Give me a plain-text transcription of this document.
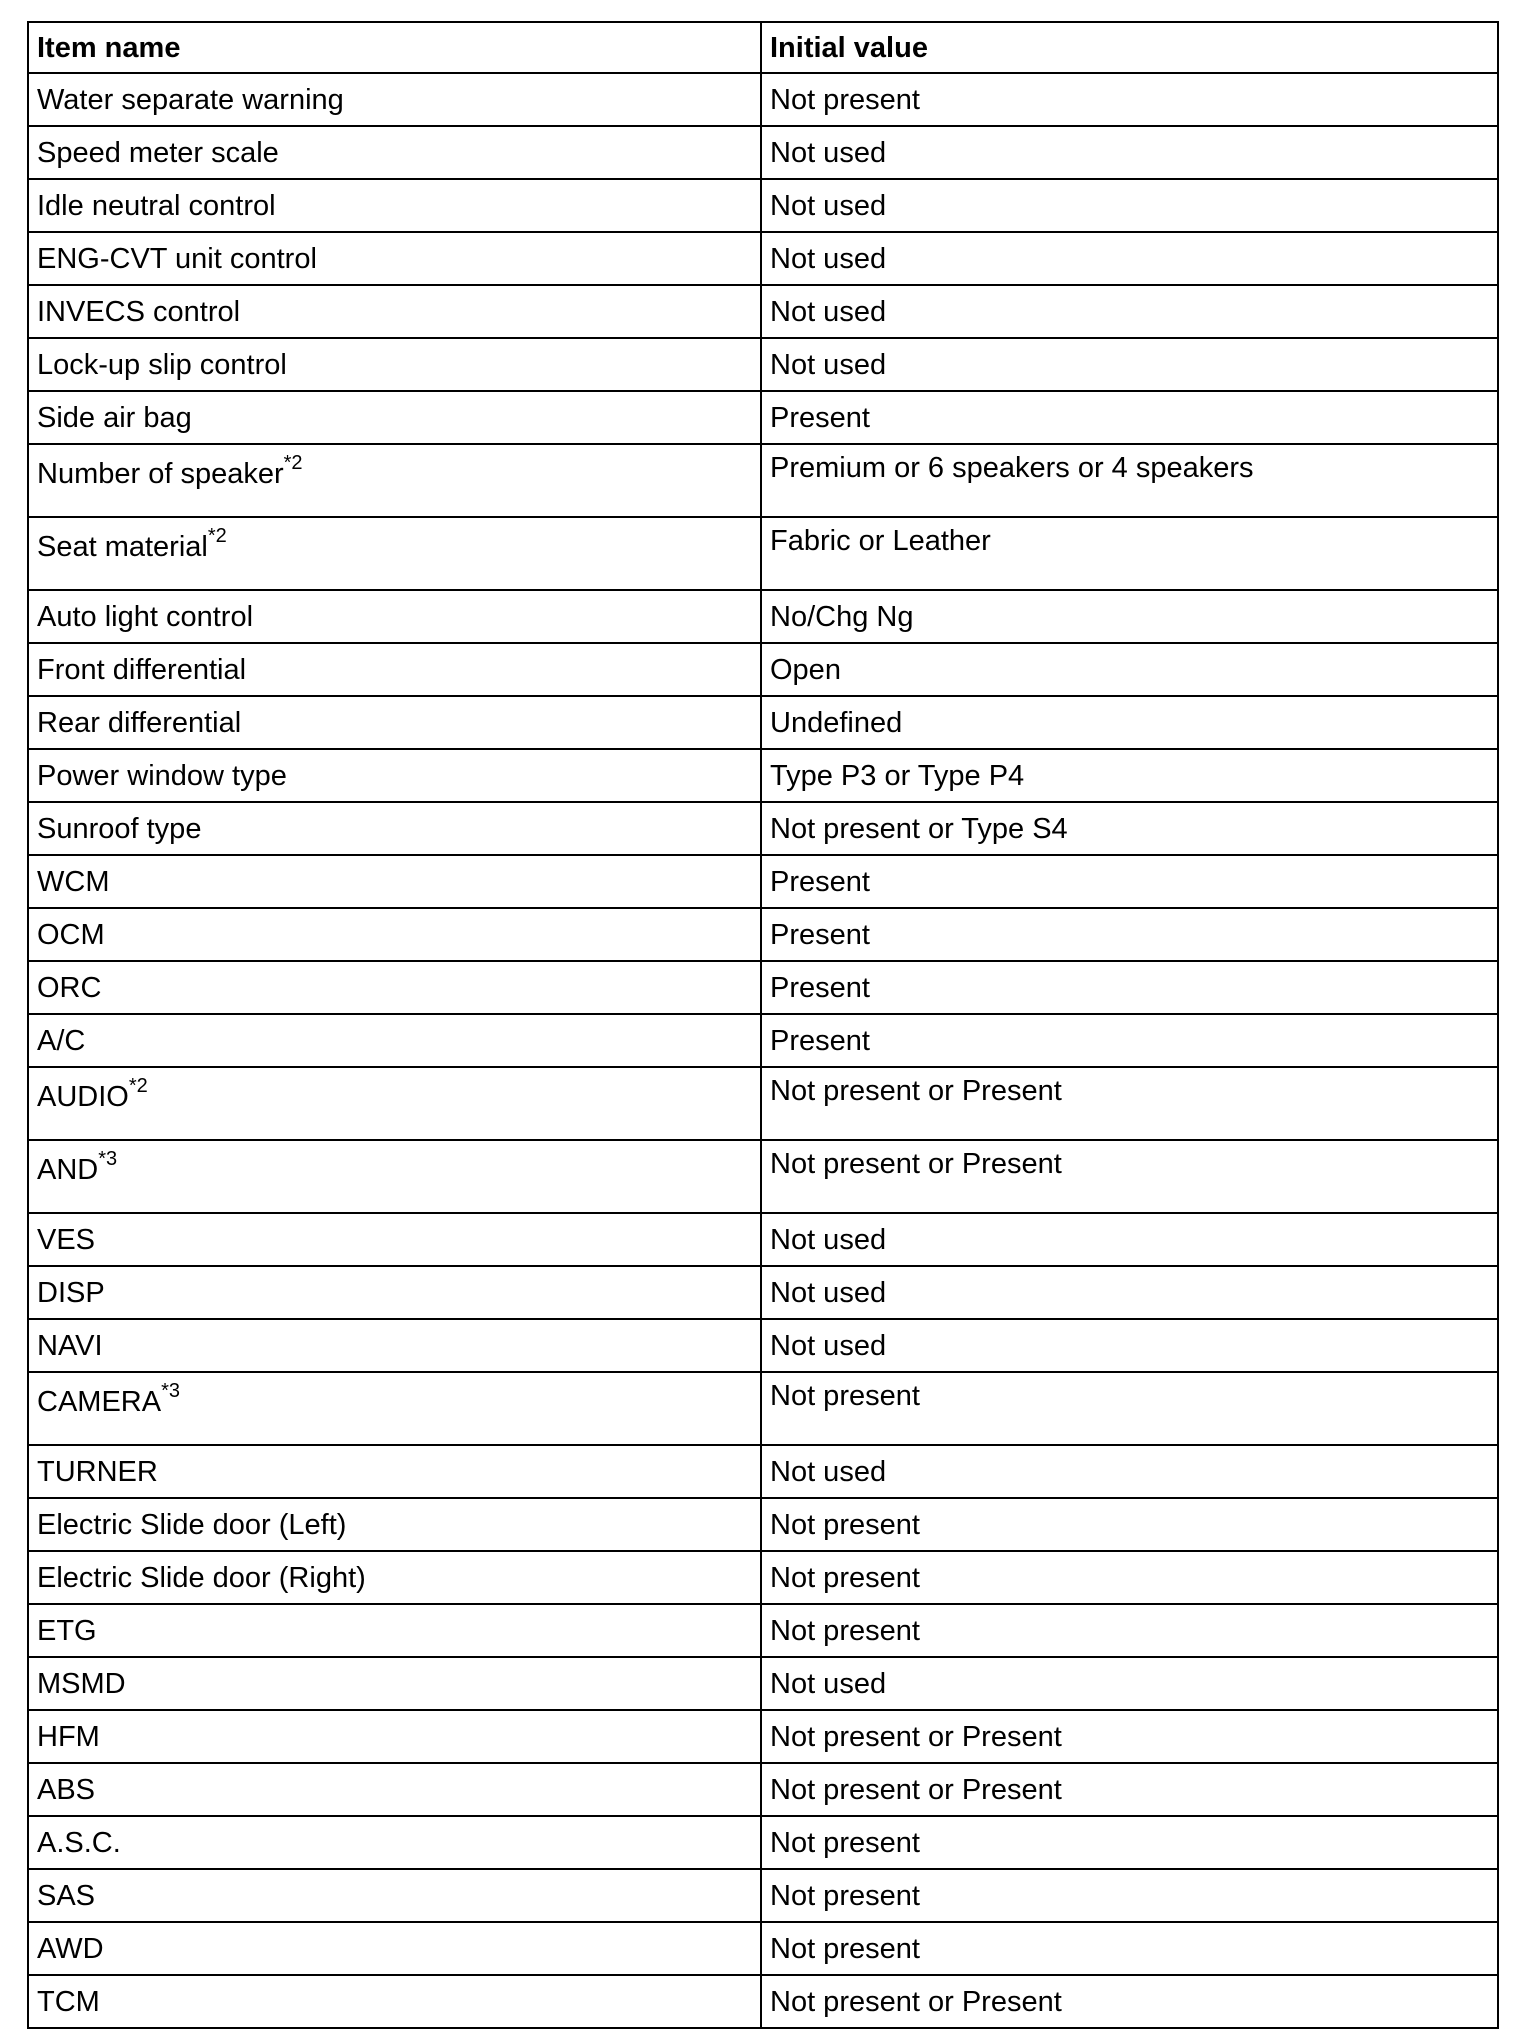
Item name	Initial value
Water separate warning	Not present
Speed meter scale	Not used
Idle neutral control	Not used
ENG-CVT unit control	Not used
INVECS control	Not used
Lock-up slip control	Not used
Side air bag	Present
Number of speaker$^{*2}$	Premium or 6 speakers or 4 speakers
Seat material$^{*2}$	Fabric or Leather
Auto light control	No/Chg Ng
Front differential	Open
Rear differential	Undefined
Power window type	Type P3 or Type P4
Sunroof type	Not present or Type S4
WCM	Present
OCM	Present
ORC	Present
A/C	Present
AUDIO$^{*2}$	Not present or Present
AND$^{*3}$	Not present or Present
VES	Not used
DISP	Not used
NAVI	Not used
CAMERA$^{*3}$	Not present
TURNER	Not used
Electric Slide door (Left)	Not present
Electric Slide door (Right)	Not present
ETG	Not present
MSMD	Not used
HFM	Not present or Present
ABS	Not present or Present
A.S.C.	Not present
SAS	Not present
AWD	Not present
TCM	Not present or Present
